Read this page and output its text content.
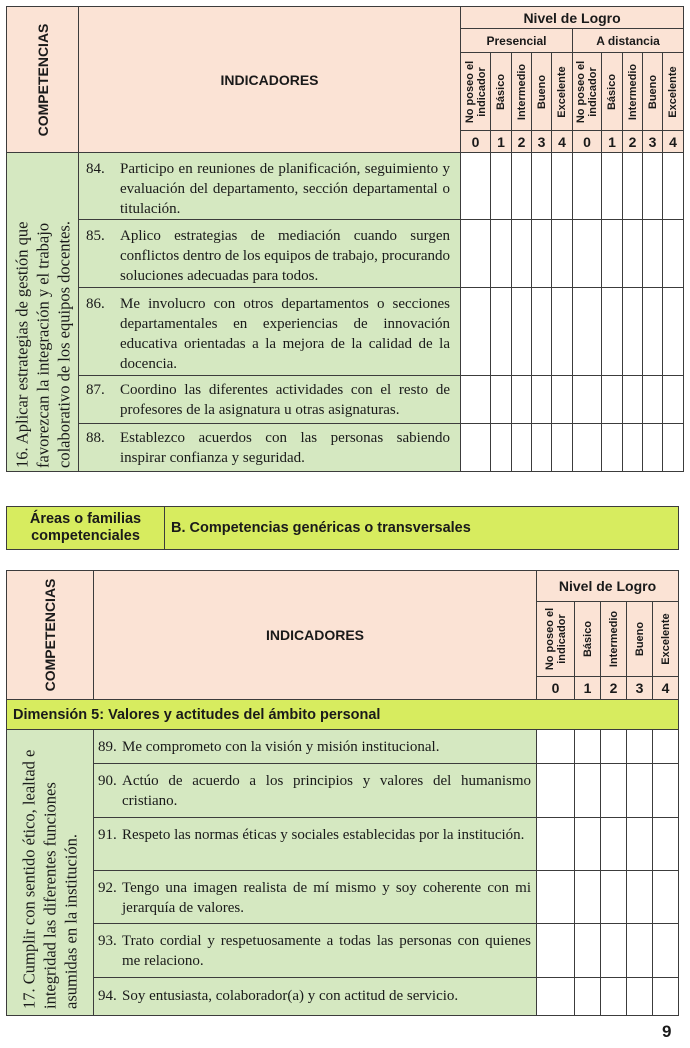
COMPETENCIAS	INDICADORES	Nivel de Logro									
		Presencial					A distancia				

		No poseo el indicador	Básico	Intermedio	Bueno	Excelente	No poseo el indicador	Básico	Intermedio	Bueno	Excelente

		0	1	2	3	4	0	1	2	3	4

16. Aplicar estrategias de gestión que favorezcan la integración y el trabajo colaborativo de los equipos docentes.	84. Participo en reuniones de planificación, seguimiento y evaluación del departamento, sección departamental o titulación.										
	85. Aplico estrategias de mediación cuando surgen conflictos dentro de los equipos de trabajo, procurando soluciones adecuadas para todos.										
	86. Me involucro con otros departamentos o secciones departamentales en experiencias de innovación educativa orientadas a la mejora de la calidad de la docencia.										
	87. Coordino las diferentes actividades con el resto de profesores de la asignatura u otras asignaturas.										
	88. Establezco acuerdos con las personas sabiendo inspirar confianza y seguridad.										
Áreas o familias competenciales	B. Competencias genéricas o transversales
COMPETENCIAS	INDICADORES	Nivel de Logro				

		No poseo el indicador	Básico	Intermedio	Bueno	Excelente

		0	1	2	3	4
Dimensión 5: Valores y actitudes del ámbito personal						

17. Cumplir con sentido ético, lealtad e integridad las diferentes funciones asumidas en la institución.	89. Me comprometo con la visión y misión institucional.					
	90. Actúo de acuerdo a los principios y valores del humanismo cristiano.					
	91. Respeto las normas éticas y sociales establecidas por la institución.					
	92. Tengo una imagen realista de mí mismo y soy coherente con mi jerarquía de valores.					
	93. Trato cordial y respetuosamente a todas las personas con quienes me relaciono.					
	94. Soy entusiasta, colaborador(a) y con actitud de servicio.					
9
